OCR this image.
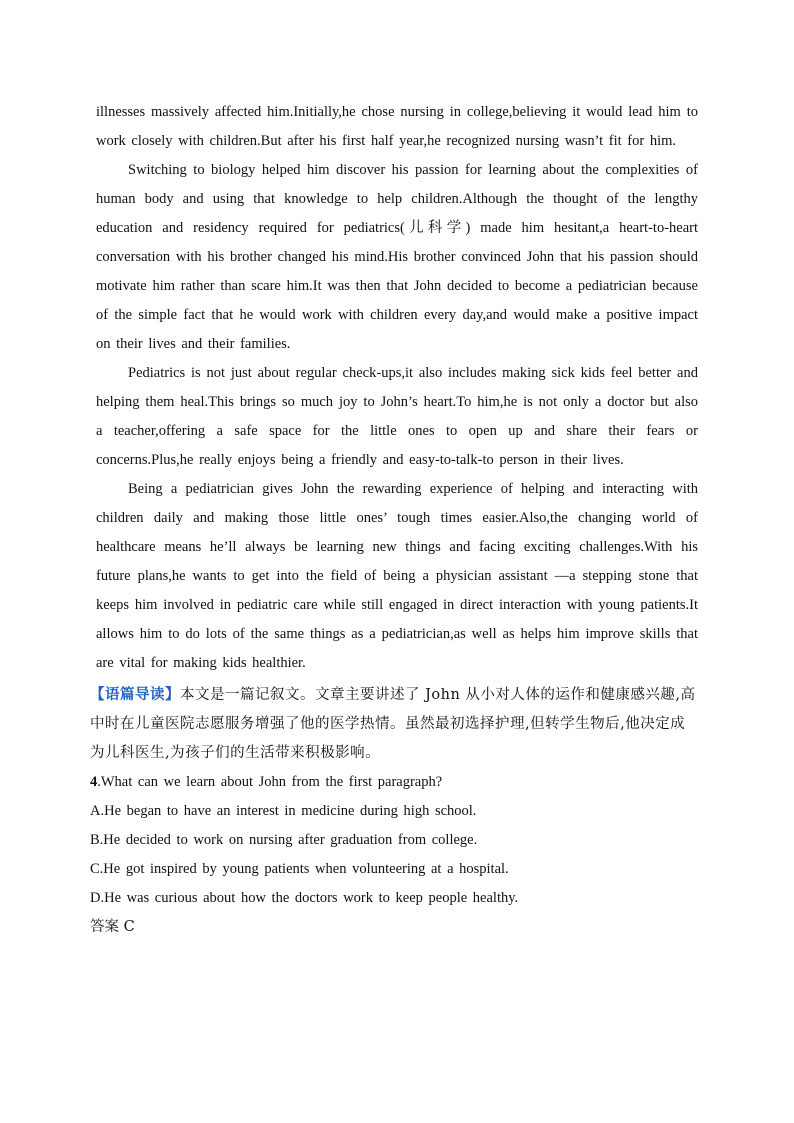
illnesses massively affected him.Initially,he chose nursing in college,believing it would lead him to work closely with children.But after his first half year,he recognized nursing wasn’t fit for him.

Switching to biology helped him discover his passion for learning about the complexities of human body and using that knowledge to help children.Although the thought of the lengthy education and residency required for pediatrics(儿科学) made him hesitant,a heart-to-heart conversation with his brother changed his mind.His brother convinced John that his passion should motivate him rather than scare him.It was then that John decided to become a pediatrician because of the simple fact that he would work with children every day,and would make a positive impact on their lives and their families.

Pediatrics is not just about regular check-ups,it also includes making sick kids feel better and helping them heal.This brings so much joy to John’s heart.To him,he is not only a doctor but also a teacher,offering a safe space for the little ones to open up and share their fears or concerns.Plus,he really enjoys being a friendly and easy-to-talk-to person in their lives.

Being a pediatrician gives John the rewarding experience of helping and interacting with children daily and making those little ones’ tough times easier.Also,the changing world of healthcare means he’ll always be learning new things and facing exciting challenges.With his future plans,he wants to get into the field of being a physician assistant —a stepping stone that keeps him involved in pediatric care while still engaged in direct interaction with young patients.It allows him to do lots of the same things as a pediatrician,as well as helps him improve skills that are vital for making kids healthier.

【语篇导读】本文是一篇记叙文。文章主要讲述了 John 从小对人体的运作和健康感兴趣,高中时在儿童医院志愿服务增强了他的医学热情。虽然最初选择护理,但转学生物后,他决定成为儿科医生,为孩子们的生活带来积极影响。

4.What can we learn about John from the first paragraph?

A.He began to have an interest in medicine during high school.

B.He decided to work on nursing after graduation from college.

C.He got inspired by young patients when volunteering at a hospital.

D.He was curious about how the doctors work to keep people healthy.

答案 C
